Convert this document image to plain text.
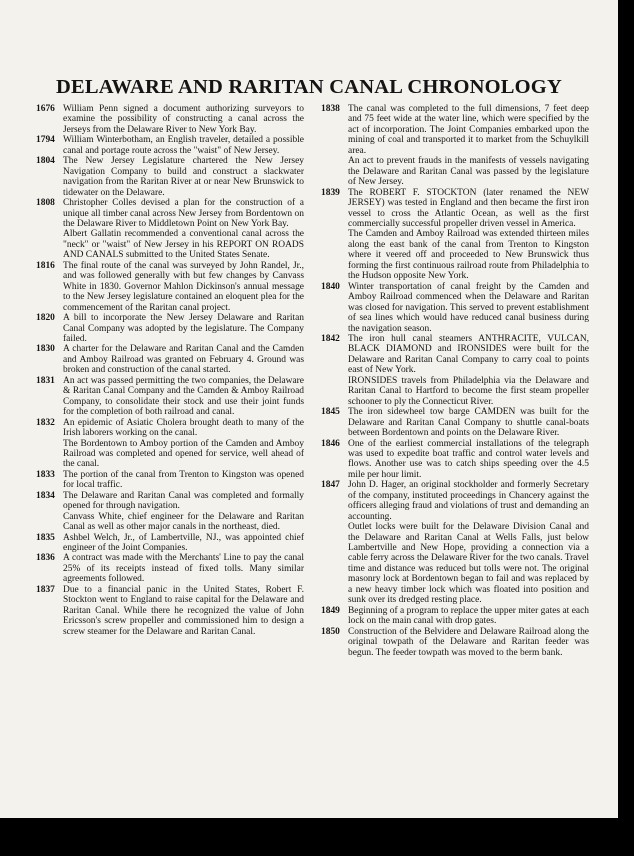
DELAWARE AND RARITAN CANAL CHRONOLOGY
1676 William Penn signed a document authorizing surveyors to examine the possibility of constructing a canal across the Jerseys from the Delaware River to New York Bay.

1794 William Winterbotham, an English traveler, detailed a possible canal and portage route across the "waist" of New Jersey.

1804 The New Jersey Legislature chartered the New Jersey Navigation Company to build and construct a slackwater navigation from the Raritan River at or near New Brunswick to tidewater on the Delaware.

1808 Christopher Colles devised a plan for the construction of a unique all timber canal across New Jersey from Bordentown on the Delaware River to Middletown Point on New York Bay.

Albert Gallatin recommended a conventional canal across the "neck" or "waist" of New Jersey in his REPORT ON ROADS AND CANALS submitted to the United States Senate.

1816 The final route of the canal was surveyed by John Randel, Jr., and was followed generally with but few changes by Canvass White in 1830. Governor Mahlon Dickinson's annual message to the New Jersey legislature contained an eloquent plea for the commencement of the Raritan canal project.

1820 A bill to incorporate the New Jersey Delaware and Raritan Canal Company was adopted by the legislature. The Company failed.

1830 A charter for the Delaware and Raritan Canal and the Camden and Amboy Railroad was granted on February 4. Ground was broken and construction of the canal started.

1831 An act was passed permitting the two companies, the Delaware & Raritan Canal Company and the Camden & Amboy Railroad Company, to consolidate their stock and use their joint funds for the completion of both railroad and canal.

1832 An epidemic of Asiatic Cholera brought death to many of the Irish laborers working on the canal.

The Bordentown to Amboy portion of the Camden and Amboy Railroad was completed and opened for service, well ahead of the canal.

1833 The portion of the canal from Trenton to Kingston was opened for local traffic.

1834 The Delaware and Raritan Canal was completed and formally opened for through navigation.

Canvass White, chief engineer for the Delaware and Raritan Canal as well as other major canals in the northeast, died.

1835 Ashbel Welch, Jr., of Lambertville, NJ., was appointed chief engineer of the Joint Companies.

1836 A contract was made with the Merchants' Line to pay the canal 25% of its receipts instead of fixed tolls. Many similar agreements followed.

1837 Due to a financial panic in the United States, Robert F. Stockton went to England to raise capital for the Delaware and Raritan Canal. While there he recognized the value of John Ericsson's screw propeller and commissioned him to design a screw steamer for the Delaware and Raritan Canal.

1838 The canal was completed to the full dimensions, 7 feet deep and 75 feet wide at the water line, which were specified by the act of incorporation. The Joint Companies embarked upon the mining of coal and transported it to market from the Schuylkill area.

An act to prevent frauds in the manifests of vessels navigating the Delaware and Raritan Canal was passed by the legislature of New Jersey.

1839 The ROBERT F. STOCKTON (later renamed the NEW JERSEY) was tested in England and then became the first iron vessel to cross the Atlantic Ocean, as well as the first commercially successful propeller driven vessel in America.

The Camden and Amboy Railroad was extended thirteen miles along the east bank of the canal from Trenton to Kingston where it veered off and proceeded to New Brunswick thus forming the first continuous railroad route from Philadelphia to the Hudson opposite New York.

1840 Winter transportation of canal freight by the Camden and Amboy Railroad commenced when the Delaware and Raritan was closed for navigation. This served to prevent establishment of sea lines which would have reduced canal business during the navigation season.

1842 The iron hull canal steamers ANTHRACITE, VULCAN, BLACK DIAMOND and IRONSIDES were built for the Delaware and Raritan Canal Company to carry coal to points east of New York.

IRONSIDES travels from Philadelphia via the Delaware and Raritan Canal to Hartford to become the first steam propeller schooner to ply the Connecticut River.

1845 The iron sidewheel tow barge CAMDEN was built for the Delaware and Raritan Canal Company to shuttle canal-boats between Bordentown and points on the Delaware River.

1846 One of the earliest commercial installations of the telegraph was used to expedite boat traffic and control water levels and flows. Another use was to catch ships speeding over the 4.5 mile per hour limit.

1847 John D. Hager, an original stockholder and formerly Secretary of the company, instituted proceedings in Chancery against the officers alleging fraud and violations of trust and demanding an accounting.

Outlet locks were built for the Delaware Division Canal and the Delaware and Raritan Canal at Wells Falls, just below Lambertville and New Hope, providing a connection via a cable ferry across the Delaware River for the two canals. Travel time and distance was reduced but tolls were not. The original masonry lock at Bordentown began to fail and was replaced by a new heavy timber lock which was floated into position and sunk over its dredged resting place.

1849 Beginning of a program to replace the upper miter gates at each lock on the main canal with drop gates.

1850 Construction of the Belvidere and Delaware Railroad along the original towpath of the Delaware and Raritan feeder was begun. The feeder towpath was moved to the berm bank.
